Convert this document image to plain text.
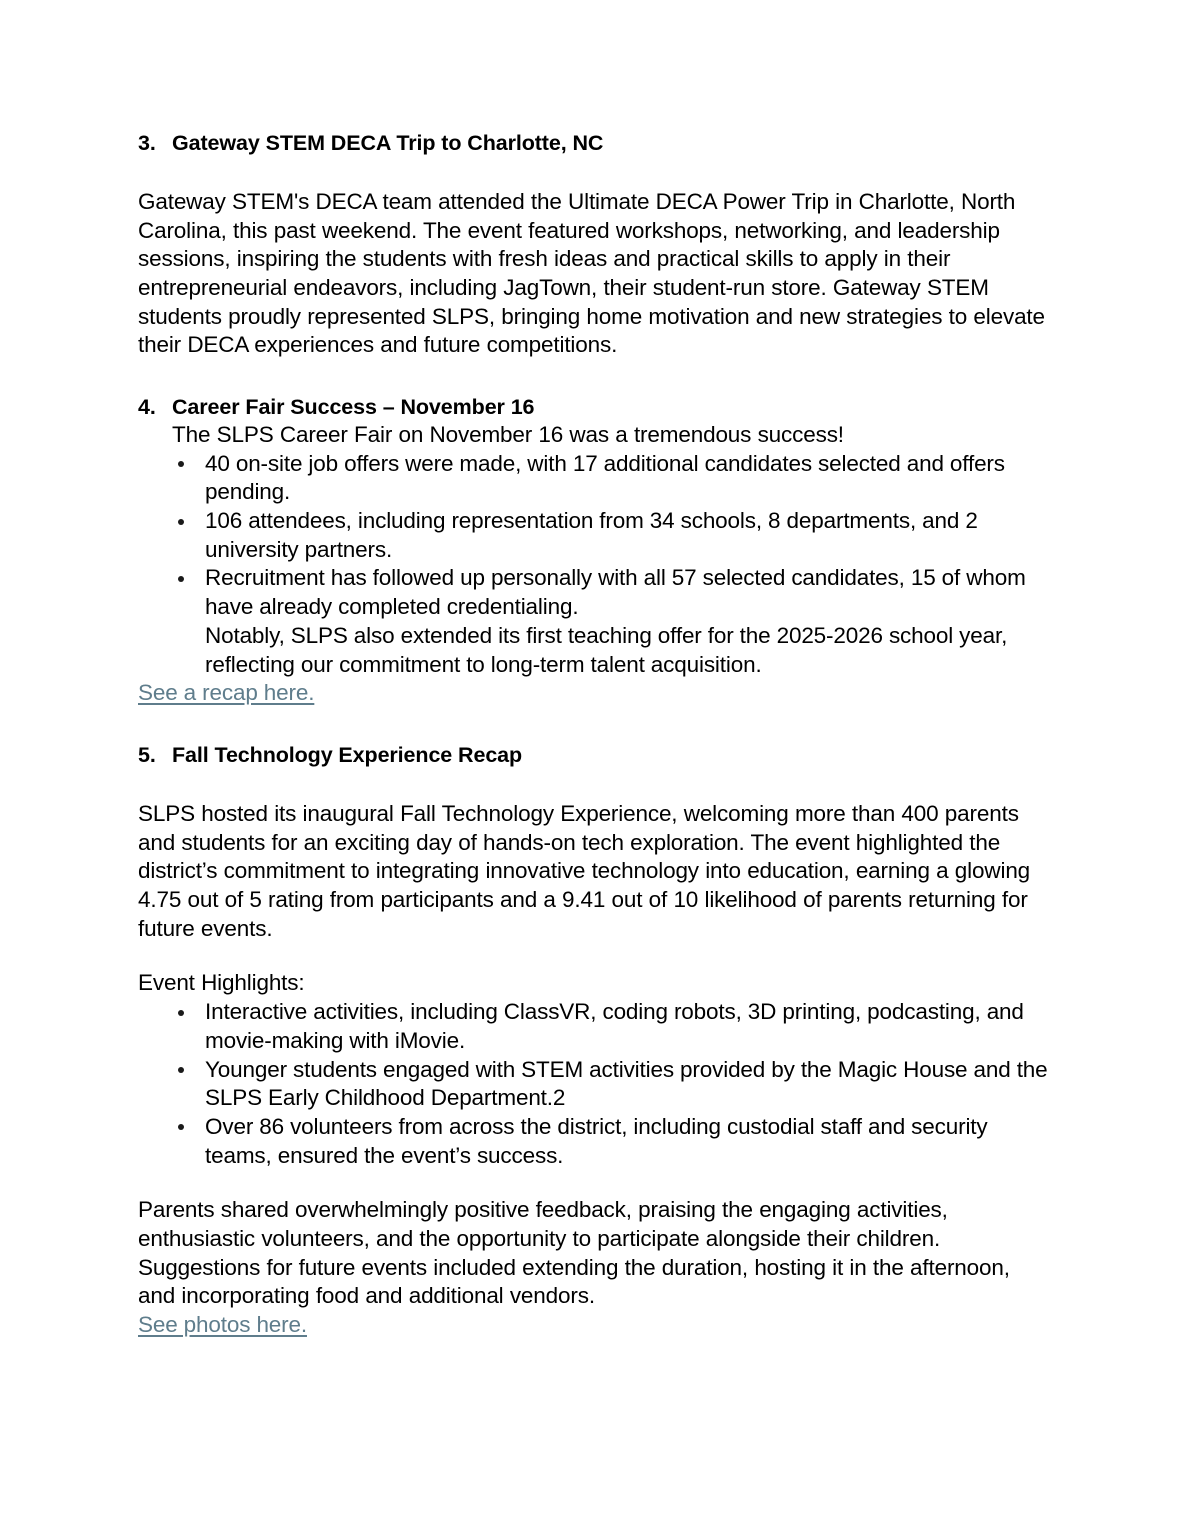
3. Gateway STEM DECA Trip to Charlotte, NC

Gateway STEM's DECA team attended the Ultimate DECA Power Trip in Charlotte, North Carolina, this past weekend. The event featured workshops, networking, and leadership sessions, inspiring the students with fresh ideas and practical skills to apply in their entrepreneurial endeavors, including JagTown, their student-run store. Gateway STEM students proudly represented SLPS, bringing home motivation and new strategies to elevate their DECA experiences and future competitions.

4. Career Fair Success – November 16

The SLPS Career Fair on November 16 was a tremendous success!

40 on-site job offers were made, with 17 additional candidates selected and offers pending.
106 attendees, including representation from 34 schools, 8 departments, and 2 university partners.
Recruitment has followed up personally with all 57 selected candidates, 15 of whom have already completed credentialing.
Notably, SLPS also extended its first teaching offer for the 2025-2026 school year, reflecting our commitment to long-term talent acquisition.

See a recap here.

5. Fall Technology Experience Recap

SLPS hosted its inaugural Fall Technology Experience, welcoming more than 400 parents and students for an exciting day of hands-on tech exploration. The event highlighted the district’s commitment to integrating innovative technology into education, earning a glowing 4.75 out of 5 rating from participants and a 9.41 out of 10 likelihood of parents returning for future events.

Event Highlights:

Interactive activities, including ClassVR, coding robots, 3D printing, podcasting, and movie-making with iMovie.
Younger students engaged with STEM activities provided by the Magic House and the SLPS Early Childhood Department.2
Over 86 volunteers from across the district, including custodial staff and security teams, ensured the event’s success.

Parents shared overwhelmingly positive feedback, praising the engaging activities, enthusiastic volunteers, and the opportunity to participate alongside their children. Suggestions for future events included extending the duration, hosting it in the afternoon, and incorporating food and additional vendors.

See photos here.
